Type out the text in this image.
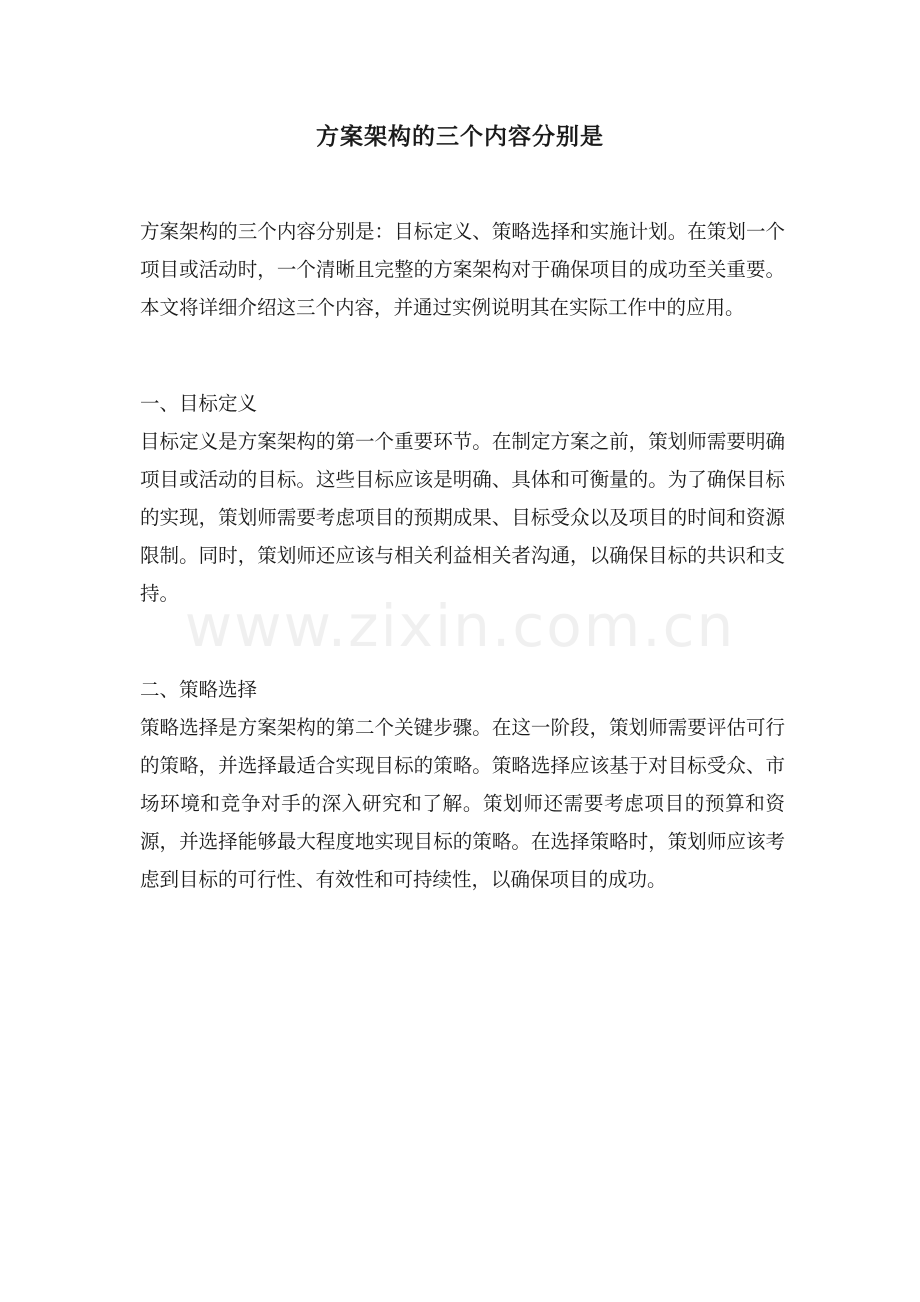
方案架构的三个内容分别是

方案架构的三个内容分别是：目标定义、策略选择和实施计划。在策划一个项目或活动时，一个清晰且完整的方案架构对于确保项目的成功至关重要。本文将详细介绍这三个内容，并通过实例说明其在实际工作中的应用。

一、目标定义

目标定义是方案架构的第一个重要环节。在制定方案之前，策划师需要明确项目或活动的目标。这些目标应该是明确、具体和可衡量的。为了确保目标的实现，策划师需要考虑项目的预期成果、目标受众以及项目的时间和资源限制。同时，策划师还应该与相关利益相关者沟通，以确保目标的共识和支持。

二、策略选择

策略选择是方案架构的第二个关键步骤。在这一阶段，策划师需要评估可行的策略，并选择最适合实现目标的策略。策略选择应该基于对目标受众、市场环境和竞争对手的深入研究和了解。策划师还需要考虑项目的预算和资源，并选择能够最大程度地实现目标的策略。在选择策略时，策划师应该考虑到目标的可行性、有效性和可持续性，以确保项目的成功。

www.zixin.com.cn
